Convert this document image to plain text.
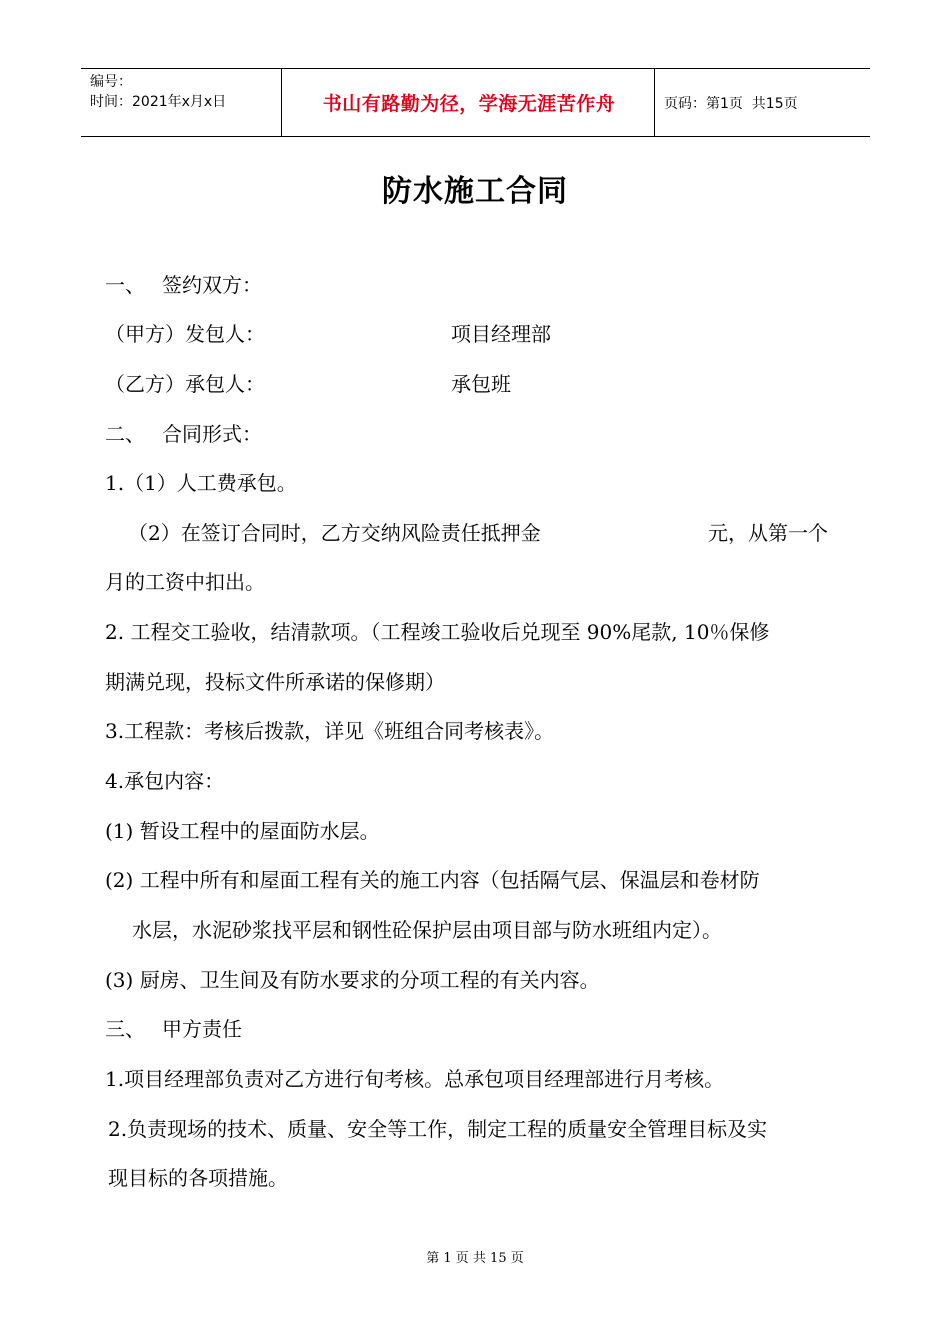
编号：
时间：2021年x月x日	书山有路勤为径，学海无涯苦作舟	页码：第1页  共15页
防水施工合同
一、 签约双方：
（甲方）发包人：	项目经理部
（乙方）承包人：	承包班
二、 合同形式：
1.（1）人工费承包。
（2）在签订合同时，乙方交纳风险责任抵押金	元，从第一个
月的工资中扣出。
2. 工程交工验收，结清款项。（工程竣工验收后兑现至 90%尾款, 10％保修
期满兑现，投标文件所承诺的保修期）
3.工程款：考核后拨款，详见《班组合同考核表》。
4.承包内容：
(1) 暂设工程中的屋面防水层。
(2) 工程中所有和屋面工程有关的施工内容（包括隔气层、保温层和卷材防
水层，水泥砂浆找平层和钢性砼保护层由项目部与防水班组内定）。
(3) 厨房、卫生间及有防水要求的分项工程的有关内容。
三、 甲方责任
1.项目经理部负责对乙方进行旬考核。总承包项目经理部进行月考核。
2.负责现场的技术、质量、安全等工作，制定工程的质量安全管理目标及实
现目标的各项措施。
第 1 页 共 15 页
